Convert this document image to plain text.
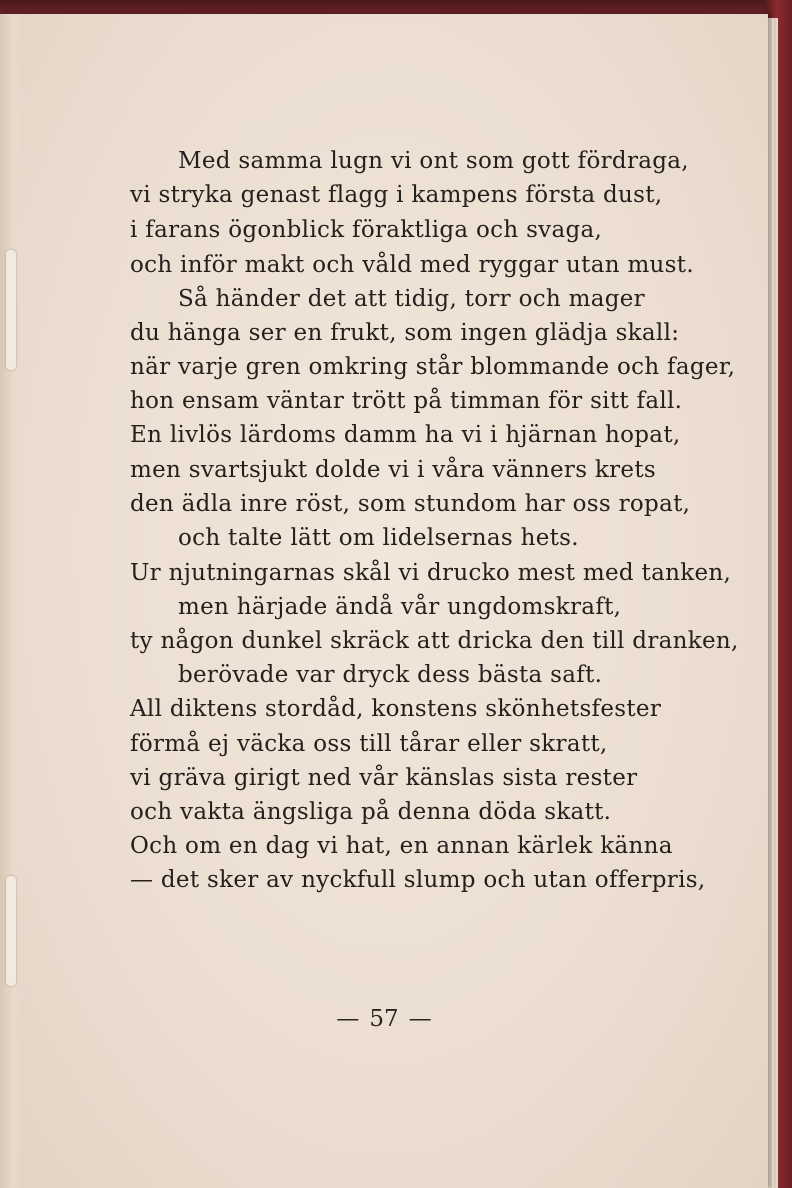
Med samma lugn vi ont som gott fördraga,

vi stryka genast flagg i kampens första dust,

i farans ögonblick föraktliga och svaga,

och inför makt och våld med ryggar utan must.

Så händer det att tidig, torr och mager

du hänga ser en frukt, som ingen glädja skall:

när varje gren omkring står blommande och fager,

hon ensam väntar trött på timman för sitt fall.

En livlös lärdoms damm ha vi i hjärnan hopat,

men svartsjukt dolde vi i våra vänners krets

den ädla inre röst, som stundom har oss ropat,

och talte lätt om lidelsernas hets.

Ur njutningarnas skål vi drucko mest med tanken,

men härjade ändå vår ungdomskraft,

ty någon dunkel skräck att dricka den till dranken,

berövade var dryck dess bästa saft.

All diktens stordåd, konstens skönhetsfester

förmå ej väcka oss till tårar eller skratt,

vi gräva girigt ned vår känslas sista rester

och vakta ängsliga på denna döda skatt.

Och om en dag vi hat, en annan kärlek känna

— det sker av nyckfull slump och utan offerpris,

— 57 —
